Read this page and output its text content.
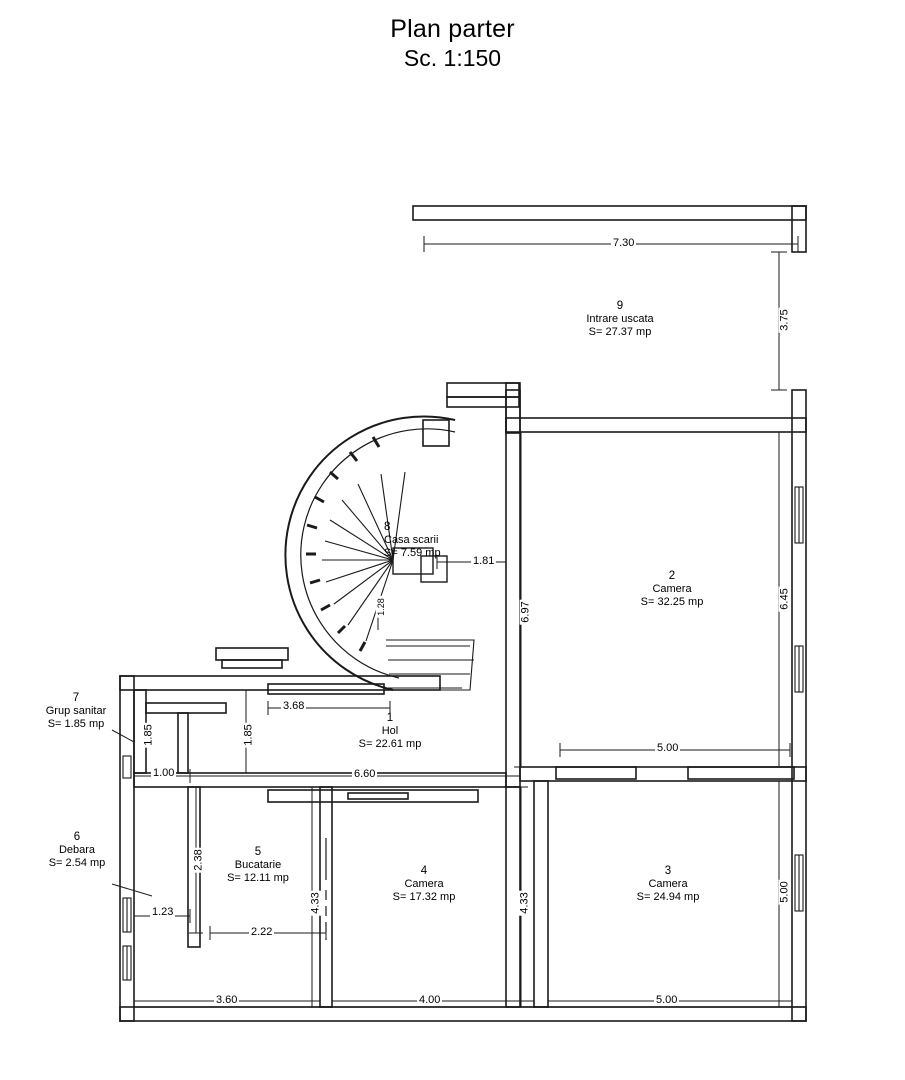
Plan parter
Sc. 1:150
9
Intrare uscata
S= 27.37 mp
2
Camera
S= 32.25 mp
3
Camera
S= 24.94 mp
4
Camera
S= 17.32 mp
5
Bucatarie
S= 12.11 mp
6
Debara
S= 2.54 mp
7
Grup sanitar
S= 1.85 mp
8
Casa scarii
S= 7.59 mp
1
Hol
S= 22.61 mp
7.30
3.75
6.45
5.00
1.81
6.97
5.00
1.28
3.68
6.60
1.85	1.85
1.00
2.38
1.23
2.22
4.33	4.33
3.60	4.00	5.00
